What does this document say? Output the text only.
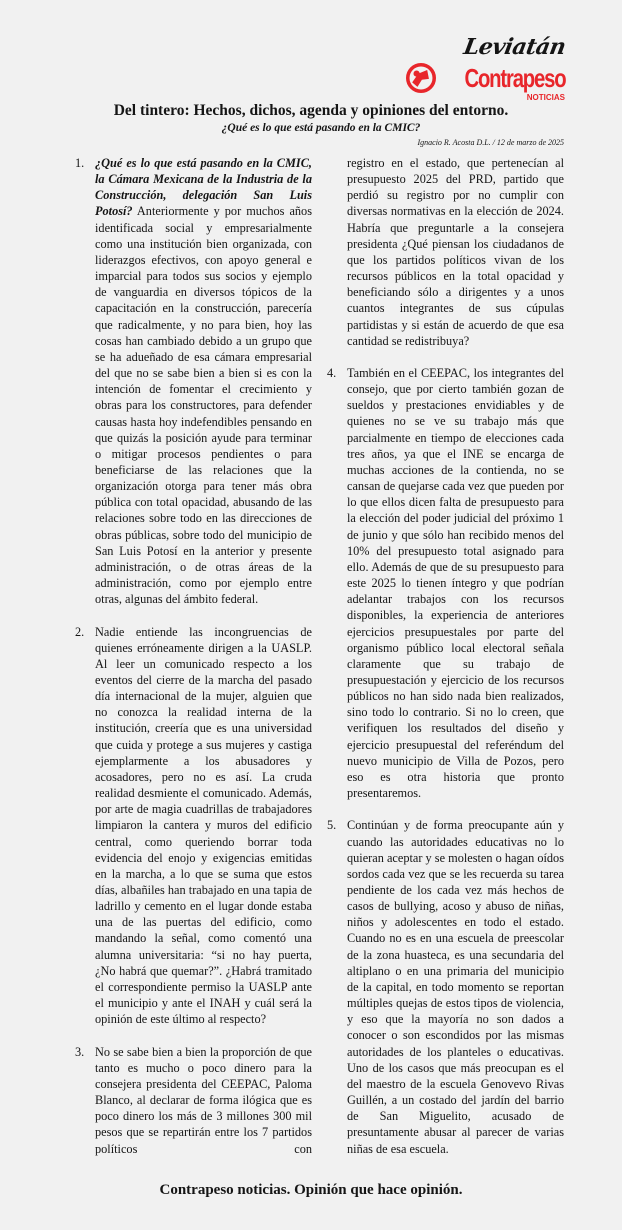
Leviatán
Contrapeso
NOTICIAS
Del tintero: Hechos, dichos, agenda y opiniones del entorno.
¿Qué es lo que está pasando en la CMIC?
Ignacio R. Acosta D.L. / 12 de marzo de 2025
1. ¿Qué es lo que está pasando en la CMIC, la Cámara Mexicana de la Industria de la Construcción, delegación San Luis Potosí? Anteriormente y por muchos años identificada social y empresarialmente como una institución bien organizada, con liderazgos efectivos, con apoyo general e imparcial para todos sus socios y ejemplo de vanguardia en diversos tópicos de la capacitación en la construcción, parecería que radicalmente, y no para bien, hoy las cosas han cambiado debido a un grupo que se ha adueñado de esa cámara empresarial del que no se sabe bien a bien si es con la intención de fomentar el crecimiento y obras para los constructores, para defender causas hasta hoy indefendibles pensando en que quizás la posición ayude para terminar o mitigar procesos pendientes o para beneficiarse de las relaciones que la organización otorga para tener más obra pública con total opacidad, abusando de las relaciones sobre todo en las direcciones de obras públicas, sobre todo del municipio de San Luis Potosí en la anterior y presente administración, o de otras áreas de la administración, como por ejemplo entre otras, algunas del ámbito federal.
2. Nadie entiende las incongruencias de quienes erróneamente dirigen a la UASLP. Al leer un comunicado respecto a los eventos del cierre de la marcha del pasado día internacional de la mujer, alguien que no conozca la realidad interna de la institución, creería que es una universidad que cuida y protege a sus mujeres y castiga ejemplarmente a los abusadores y acosadores, pero no es así. La cruda realidad desmiente el comunicado. Además, por arte de magia cuadrillas de trabajadores limpiaron la cantera y muros del edificio central, como queriendo borrar toda evidencia del enojo y exigencias emitidas en la marcha, a lo que se suma que estos días, albañiles han trabajado en una tapia de ladrillo y cemento en el lugar donde estaba una de las puertas del edificio, como mandando la señal, como comentó una alumna universitaria: “si no hay puerta, ¿No habrá que quemar?”. ¿Habrá tramitado el correspondiente permiso la UASLP ante el municipio y ante el INAH y cuál será la opinión de este último al respecto?
3. No se sabe bien a bien la proporción de que tanto es mucho o poco dinero para la consejera presidenta del CEEPAC, Paloma Blanco, al declarar de forma ilógica que es poco dinero los más de 3 millones 300 mil pesos que se repartirán entre los 7 partidos políticos con
registro en el estado, que pertenecían al presupuesto 2025 del PRD, partido que perdió su registro por no cumplir con diversas normativas en la elección de 2024. Habría que preguntarle a la consejera presidenta ¿Qué piensan los ciudadanos de que los partidos políticos vivan de los recursos públicos en la total opacidad y beneficiando sólo a dirigentes y a unos cuantos integrantes de sus cúpulas partidistas y si están de acuerdo de que esa cantidad se redistribuya?
4. También en el CEEPAC, los integrantes del consejo, que por cierto también gozan de sueldos y prestaciones envidiables y de quienes no se ve su trabajo más que parcialmente en tiempo de elecciones cada tres años, ya que el INE se encarga de muchas acciones de la contienda, no se cansan de quejarse cada vez que pueden por lo que ellos dicen falta de presupuesto para la elección del poder judicial del próximo 1 de junio y que sólo han recibido menos del 10% del presupuesto total asignado para ello. Además de que de su presupuesto para este 2025 lo tienen íntegro y que podrían adelantar trabajos con los recursos disponibles, la experiencia de anteriores ejercicios presupuestales por parte del organismo público local electoral señala claramente que su trabajo de presupuestación y ejercicio de los recursos públicos no han sido nada bien realizados, sino todo lo contrario. Si no lo creen, que verifiquen los resultados del diseño y ejercicio presupuestal del referéndum del nuevo municipio de Villa de Pozos, pero eso es otra historia que pronto presentaremos.
5. Continúan y de forma preocupante aún y cuando las autoridades educativas no lo quieran aceptar y se molesten o hagan oídos sordos cada vez que se les recuerda su tarea pendiente de los cada vez más hechos de casos de bullying, acoso y abuso de niñas, niños y adolescentes en todo el estado. Cuando no es en una escuela de preescolar de la zona huasteca, es una secundaria del altiplano o en una primaria del municipio de la capital, en todo momento se reportan múltiples quejas de estos tipos de violencia, y eso que la mayoría no son dados a conocer o son escondidos por las mismas autoridades de los planteles o educativas. Uno de los casos que más preocupan es el del maestro de la escuela Genovevo Rivas Guillén, a un costado del jardín del barrio de San Miguelito, acusado de presuntamente abusar al parecer de varias niñas de esa escuela.
Contrapeso noticias. Opinión que hace opinión.
